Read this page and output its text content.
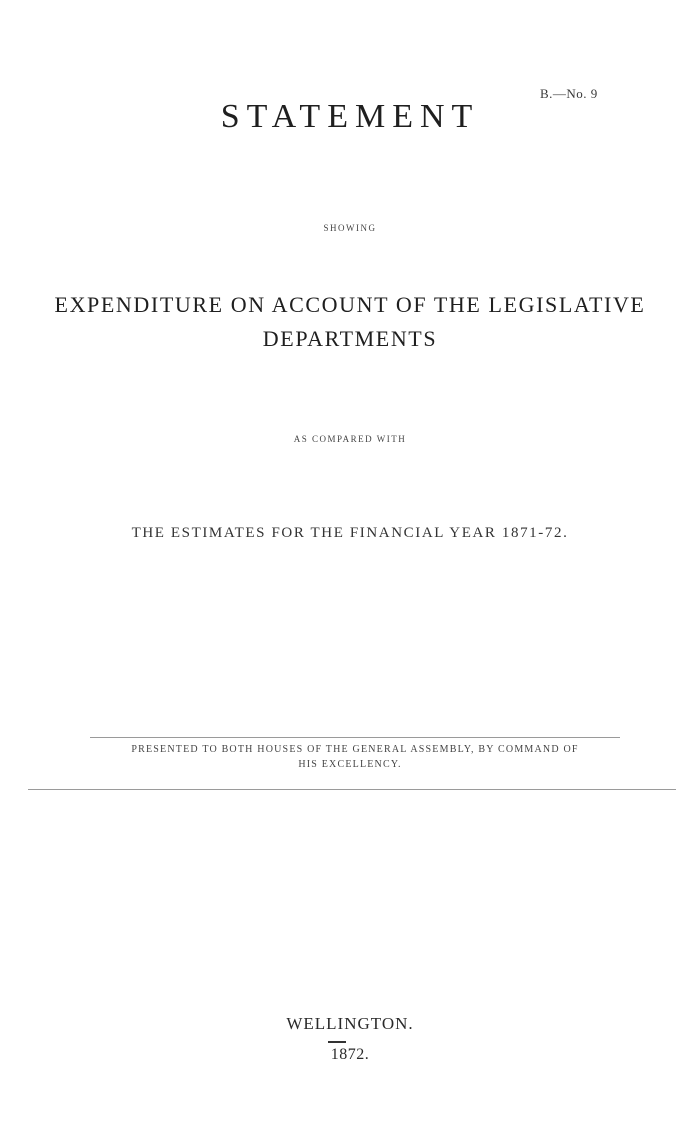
B.—No. 9
STATEMENT
SHOWING
EXPENDITURE ON ACCOUNT OF THE LEGISLATIVE
DEPARTMENTS
AS COMPARED WITH
THE ESTIMATES FOR THE FINANCIAL YEAR 1871-72.
PRESENTED TO BOTH HOUSES OF THE GENERAL ASSEMBLY, BY COMMAND OF
HIS EXCELLENCY.
WELLINGTON.
1872.
